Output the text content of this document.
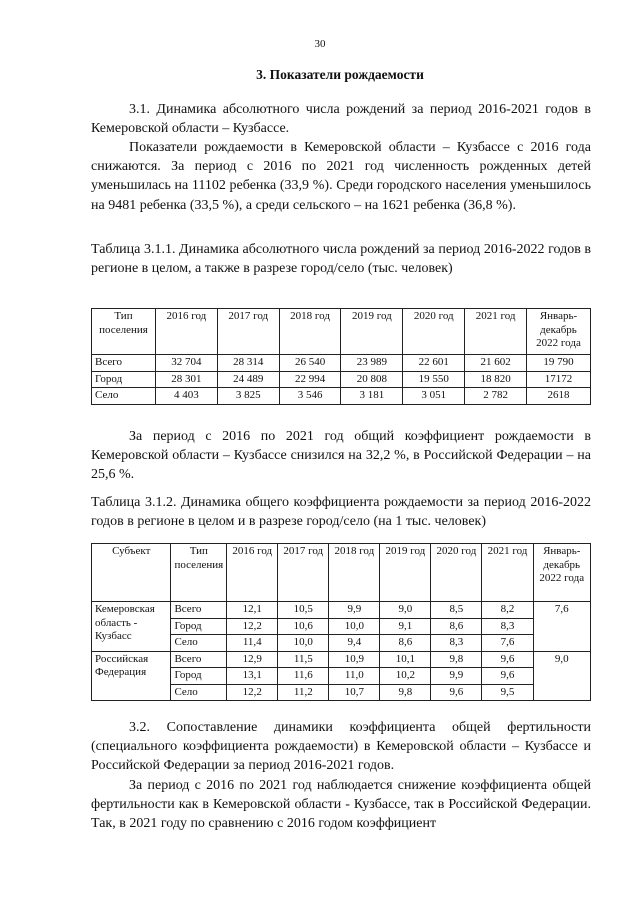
30
3. Показатели рождаемости

3.1. Динамика абсолютного числа рождений за период 2016-2021 годов в Кемеровской области – Кузбассе.

Показатели рождаемости в Кемеровской области – Кузбассе с 2016 года снижаются. За период с 2016 по 2021 год численность рожденных детей уменьшилась на 11102 ребенка (33,9 %). Среди городского населения уменьшилось на 9481 ребенка (33,5 %), а среди сельского – на 1621 ребенка (36,8 %).

Таблица 3.1.1. Динамика абсолютного числа рождений за период 2016-2022 годов в регионе в целом, а также в разрезе город/село (тыс. человек)

Тип поселения	2016 год	2017 год	2018 год	2019 год	2020 год	2021 год	Январь-декабрь 2022 года
Всего	32 704	28 314	26 540	23 989	22 601	21 602	19 790
Город	28 301	24 489	22 994	20 808	19 550	18 820	17172
Село	4 403	3 825	3 546	3 181	3 051	2 782	2618

За период с 2016 по 2021 год общий коэффициент рождаемости в Кемеровской области – Кузбассе снизился на 32,2 %, в Российской Федерации – на 25,6 %.

Таблица 3.1.2. Динамика общего коэффициента рождаемости за период 2016-2022 годов в регионе в целом и в разрезе город/село (на 1 тыс. человек)

Субъект	Тип поселения	2016 год	2017 год	2018 год	2019 год	2020 год	2021 год	Январь-декабрь 2022 года
Кемеровская область - Кузбасс	Всего	12,1	10,5	9,9	9,0	8,5	8,2	7,6
	Город	12,2	10,6	10,0	9,1	8,6	8,3	
	Село	11,4	10,0	9,4	8,6	8,3	7,6	
Российская Федерация	Всего	12,9	11,5	10,9	10,1	9,8	9,6	9,0
	Город	13,1	11,6	11,0	10,2	9,9	9,6	
	Село	12,2	11,2	10,7	9,8	9,6	9,5	

3.2. Сопоставление динамики коэффициента общей фертильности (специального коэффициента рождаемости) в Кемеровской области – Кузбассе и Российской Федерации за период 2016-2021 годов.

За период с 2016 по 2021 год наблюдается снижение коэффициента общей фертильности как в Кемеровской области - Кузбассе, так в Российской Федерации. Так, в 2021 году по сравнению с 2016 годом коэффициент
